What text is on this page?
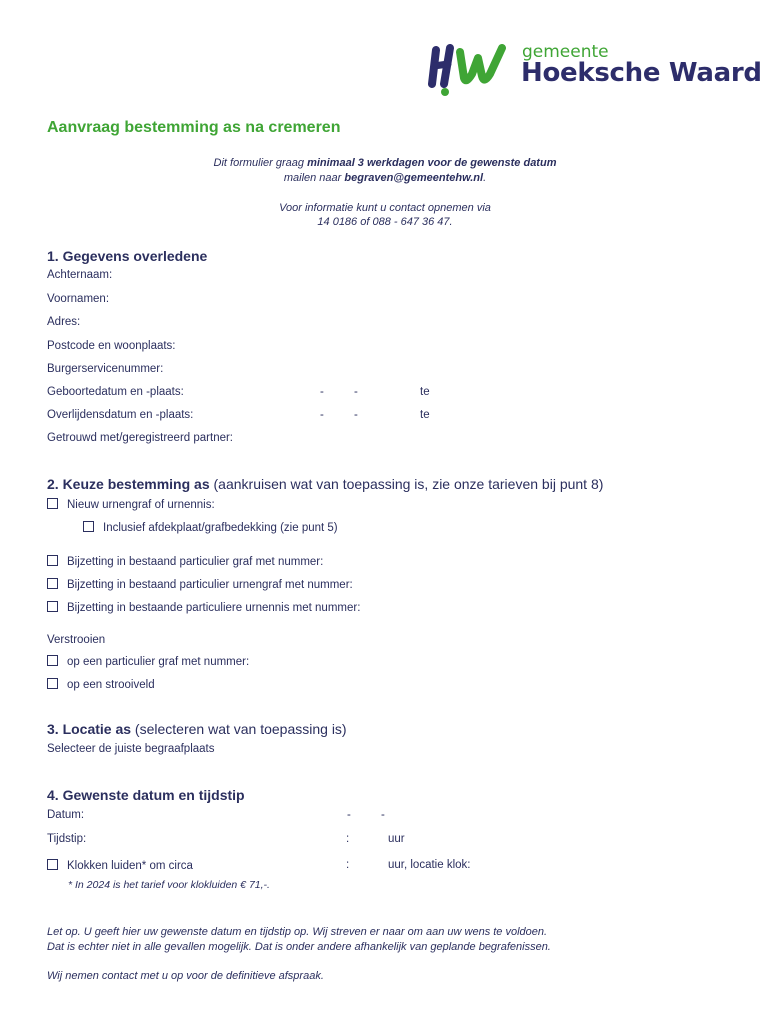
gemeente
Hoeksche Waard
Aanvraag bestemming as na cremeren
Dit formulier graag minimaal 3 werkdagen voor de gewenste datum
mailen naar begraven@gemeentehw.nl.
Voor informatie kunt u contact opnemen via
14 0186 of 088 - 647 36 47.
1. Gegevens overledene
Achternaam:
Voornamen:
Adres:
Postcode en woonplaats:
Burgerservicenummer:
Geboortedatum en -plaats:	-	-	te
Overlijdensdatum en -plaats:	-	-	te
Getrouwd met/geregistreerd partner:
2. Keuze bestemming as (aankruisen wat van toepassing is, zie onze tarieven bij punt 8)
Nieuw urnengraf of urnennis:
Inclusief afdekplaat/grafbedekking (zie punt 5)
Bijzetting in bestaand particulier graf met nummer:
Bijzetting in bestaand particulier urnengraf met nummer:
Bijzetting in bestaande particuliere urnennis met nummer:
Verstrooien
op een particulier graf met nummer:
op een strooiveld
3. Locatie as (selecteren wat van toepassing is)
Selecteer de juiste begraafplaats
4. Gewenste datum en tijdstip
Datum:	-	-
Tijdstip:	:	uur
Klokken luiden* om circa	:	uur, locatie klok:
* In 2024 is het tarief voor klokluiden € 71,-.
Let op. U geeft hier uw gewenste datum en tijdstip op. Wij streven er naar om aan uw wens te voldoen.
Dat is echter niet in alle gevallen mogelijk. Dat is onder andere afhankelijk van geplande begrafenissen.
Wij nemen contact met u op voor de definitieve afspraak.
